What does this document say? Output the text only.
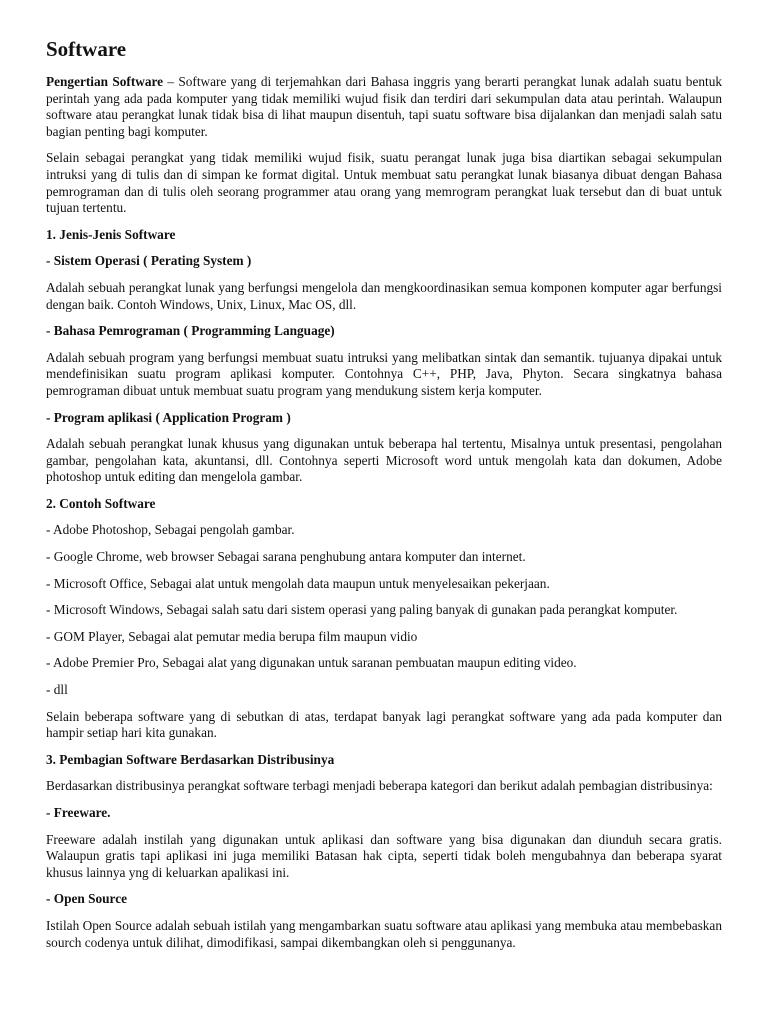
Software

Pengertian Software – Software yang di terjemahkan dari Bahasa inggris yang berarti perangkat lunak adalah suatu bentuk perintah yang ada pada komputer yang tidak memiliki wujud fisik dan terdiri dari sekumpulan data atau perintah. Walaupun software atau perangkat lunak tidak bisa di lihat maupun disentuh, tapi suatu software bisa dijalankan dan menjadi salah satu bagian penting bagi komputer.

Selain sebagai perangkat yang tidak memiliki wujud fisik, suatu perangat lunak juga bisa diartikan sebagai sekumpulan intruksi yang di tulis dan di simpan ke format digital. Untuk membuat satu perangkat lunak biasanya dibuat dengan Bahasa pemrograman dan di tulis oleh seorang programmer atau orang yang memrogram perangkat luak tersebut dan di buat untuk tujuan tertentu.

1. Jenis-Jenis Software

- Sistem Operasi ( Perating System )

Adalah sebuah perangkat lunak yang berfungsi mengelola dan mengkoordinasikan semua komponen komputer agar berfungsi dengan baik. Contoh Windows, Unix, Linux, Mac OS, dll.

- Bahasa Pemrograman ( Programming Language)

Adalah sebuah program yang berfungsi membuat suatu intruksi yang melibatkan sintak dan semantik. tujuanya dipakai untuk mendefinisikan suatu program aplikasi komputer. Contohnya C++, PHP, Java, Phyton. Secara singkatnya bahasa pemrograman dibuat untuk membuat suatu program yang mendukung sistem kerja komputer.

- Program aplikasi ( Application Program )

Adalah sebuah perangkat lunak khusus yang digunakan untuk beberapa hal tertentu, Misalnya untuk presentasi, pengolahan gambar, pengolahan kata, akuntansi, dll. Contohnya seperti Microsoft word untuk mengolah kata dan dokumen, Adobe photoshop untuk editing dan mengelola gambar.

2. Contoh Software

- Adobe Photoshop, Sebagai pengolah gambar.

- Google Chrome, web browser Sebagai sarana penghubung antara komputer dan internet.

- Microsoft Office, Sebagai alat untuk mengolah data maupun untuk menyelesaikan pekerjaan.

- Microsoft Windows, Sebagai salah satu dari sistem operasi yang paling banyak di gunakan pada perangkat komputer.

- GOM Player, Sebagai alat pemutar media berupa film maupun vidio

- Adobe Premier Pro, Sebagai alat yang digunakan untuk saranan pembuatan maupun editing video.

- dll

Selain beberapa software yang di sebutkan di atas, terdapat banyak lagi perangkat software yang ada pada komputer dan hampir setiap hari kita gunakan.

3. Pembagian Software Berdasarkan Distribusinya

Berdasarkan distribusinya perangkat software terbagi menjadi beberapa kategori dan berikut adalah pembagian distribusinya:

- Freeware.

Freeware adalah instilah yang digunakan untuk aplikasi dan software yang bisa digunakan dan diunduh secara gratis. Walaupun gratis tapi aplikasi ini juga memiliki Batasan hak cipta, seperti tidak boleh mengubahnya dan beberapa syarat khusus lainnya yng di keluarkan apalikasi ini.

- Open Source

Istilah Open Source adalah sebuah istilah yang mengambarkan suatu software atau aplikasi yang membuka atau membebaskan sourch codenya untuk dilihat, dimodifikasi, sampai dikembangkan oleh si penggunanya.
